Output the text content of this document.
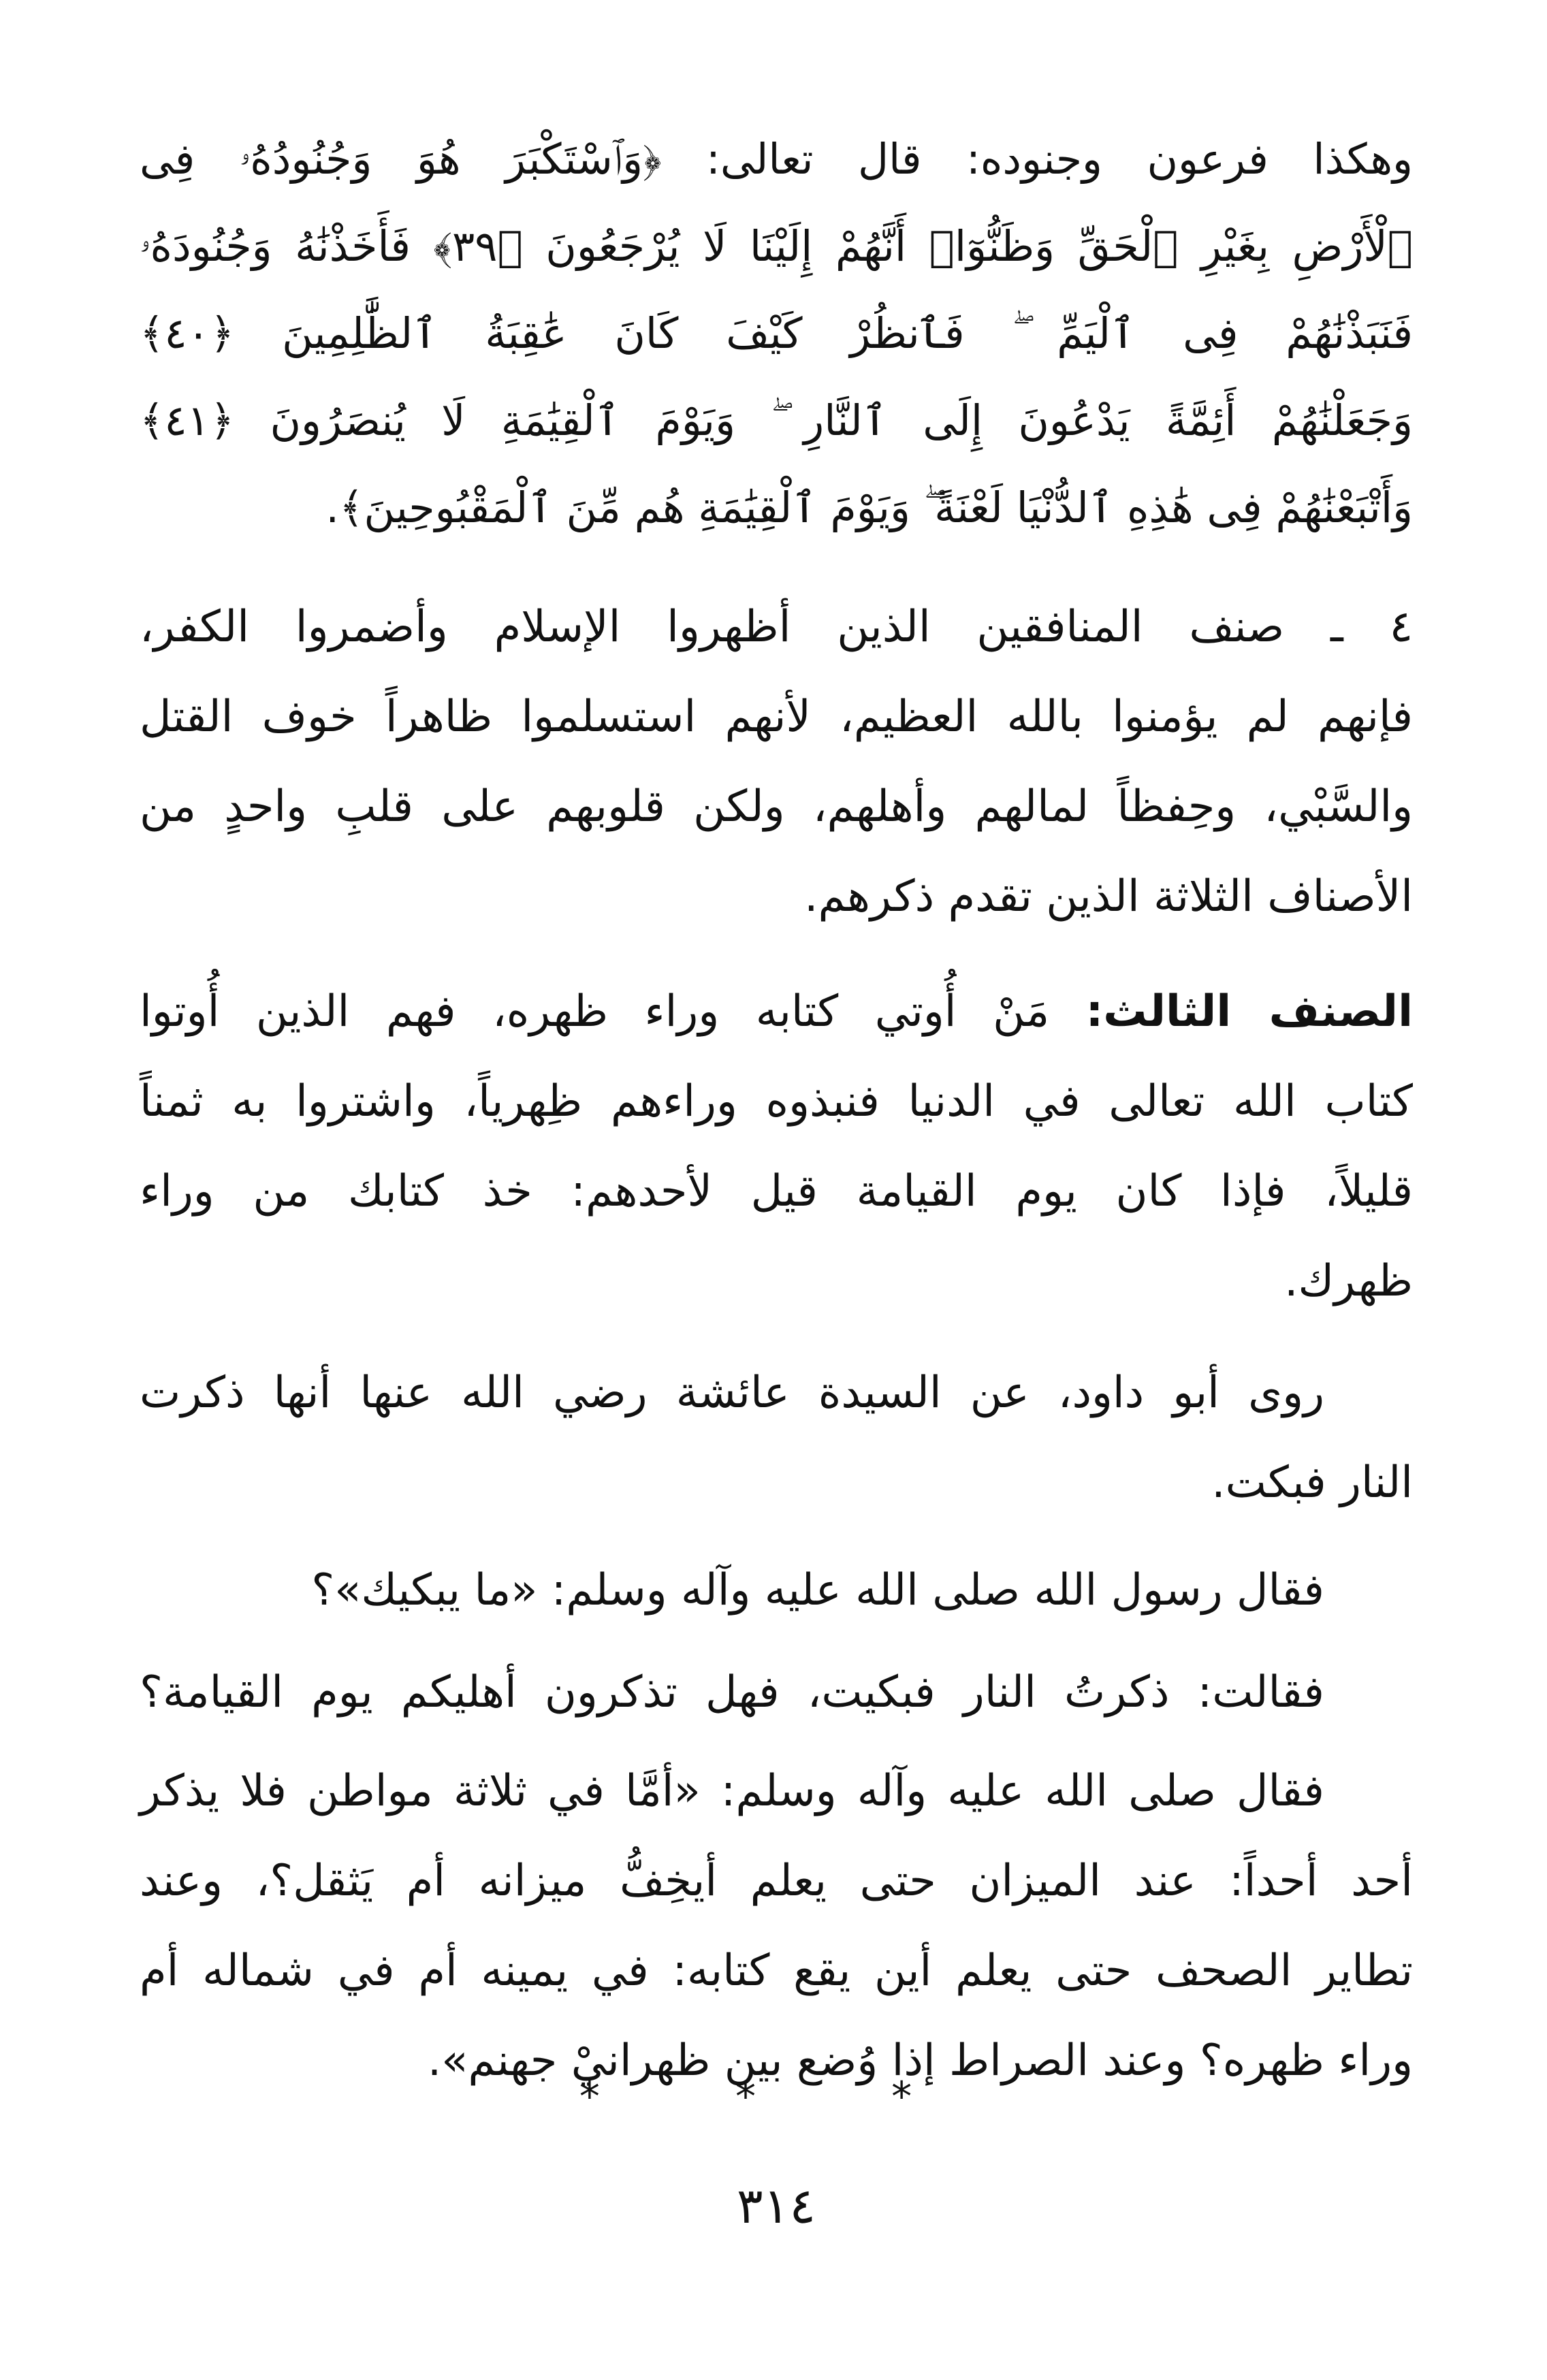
وهكذا فرعون وجنوده: قال تعالى: ﴿وَٱسْتَكْبَرَ هُوَ وَجُنُودُهُۥ فِى
ٱلْأَرْضِ بِغَيْرِ ٱلْحَقِّ وَظَنُّوٓا۟ أَنَّهُمْ إِلَيْنَا لَا يُرْجَعُونَ ﴿٣٩﴾ فَأَخَذْنَٰهُ وَجُنُودَهُۥ
فَنَبَذْنَٰهُمْ فِى ٱلْيَمِّ ۖ فَٱنظُرْ كَيْفَ كَانَ عَٰقِبَةُ ٱلظَّٰلِمِينَ ﴿٤٠﴾
وَجَعَلْنَٰهُمْ أَئِمَّةً يَدْعُونَ إِلَى ٱلنَّارِ ۖ وَيَوْمَ ٱلْقِيَٰمَةِ لَا يُنصَرُونَ ﴿٤١﴾
وَأَتْبَعْنَٰهُمْ فِى هَٰذِهِ ٱلدُّنْيَا لَعْنَةً ۖ وَيَوْمَ ٱلْقِيَٰمَةِ هُم مِّنَ ٱلْمَقْبُوحِينَ﴾.
٤ ـ صنف المنافقين الذين أظهروا الإسلام وأضمروا الكفر،
فإنهم لم يؤمنوا بالله العظيم، لأنهم استسلموا ظاهراً خوف القتل
والسَّبْي، وحِفظاً لمالهم وأهلهم، ولكن قلوبهم على قلبِ واحدٍ من
الأصناف الثلاثة الذين تقدم ذكرهم.
الصنف الثالث: مَنْ أُوتي كتابه وراء ظهره، فهم الذين أُوتوا
كتاب الله تعالى في الدنيا فنبذوه وراءهم ظِهرياً، واشتروا به ثمناً
قليلاً، فإذا كان يوم القيامة قيل لأحدهم: خذ كتابك من وراء
ظهرك.
روى أبو داود، عن السيدة عائشة رضي الله عنها أنها ذكرت
النار فبكت.
فقال رسول الله صلى الله عليه وآله وسلم: «ما يبكيك»؟
فقالت: ذكرتُ النار فبكيت، فهل تذكرون أهليكم يوم القيامة؟
فقال صلى الله عليه وآله وسلم: «أمَّا في ثلاثة مواطن فلا يذكر
أحد أحداً: عند الميزان حتى يعلم أيخِفُّ ميزانه أم يَثقل؟، وعند
تطاير الصحف حتى يعلم أين يقع كتابه: في يمينه أم في شماله أم
وراء ظهره؟ وعند الصراط إذا وُضع بين ظهرانيْ جهنم».
* * *
٣١٤
